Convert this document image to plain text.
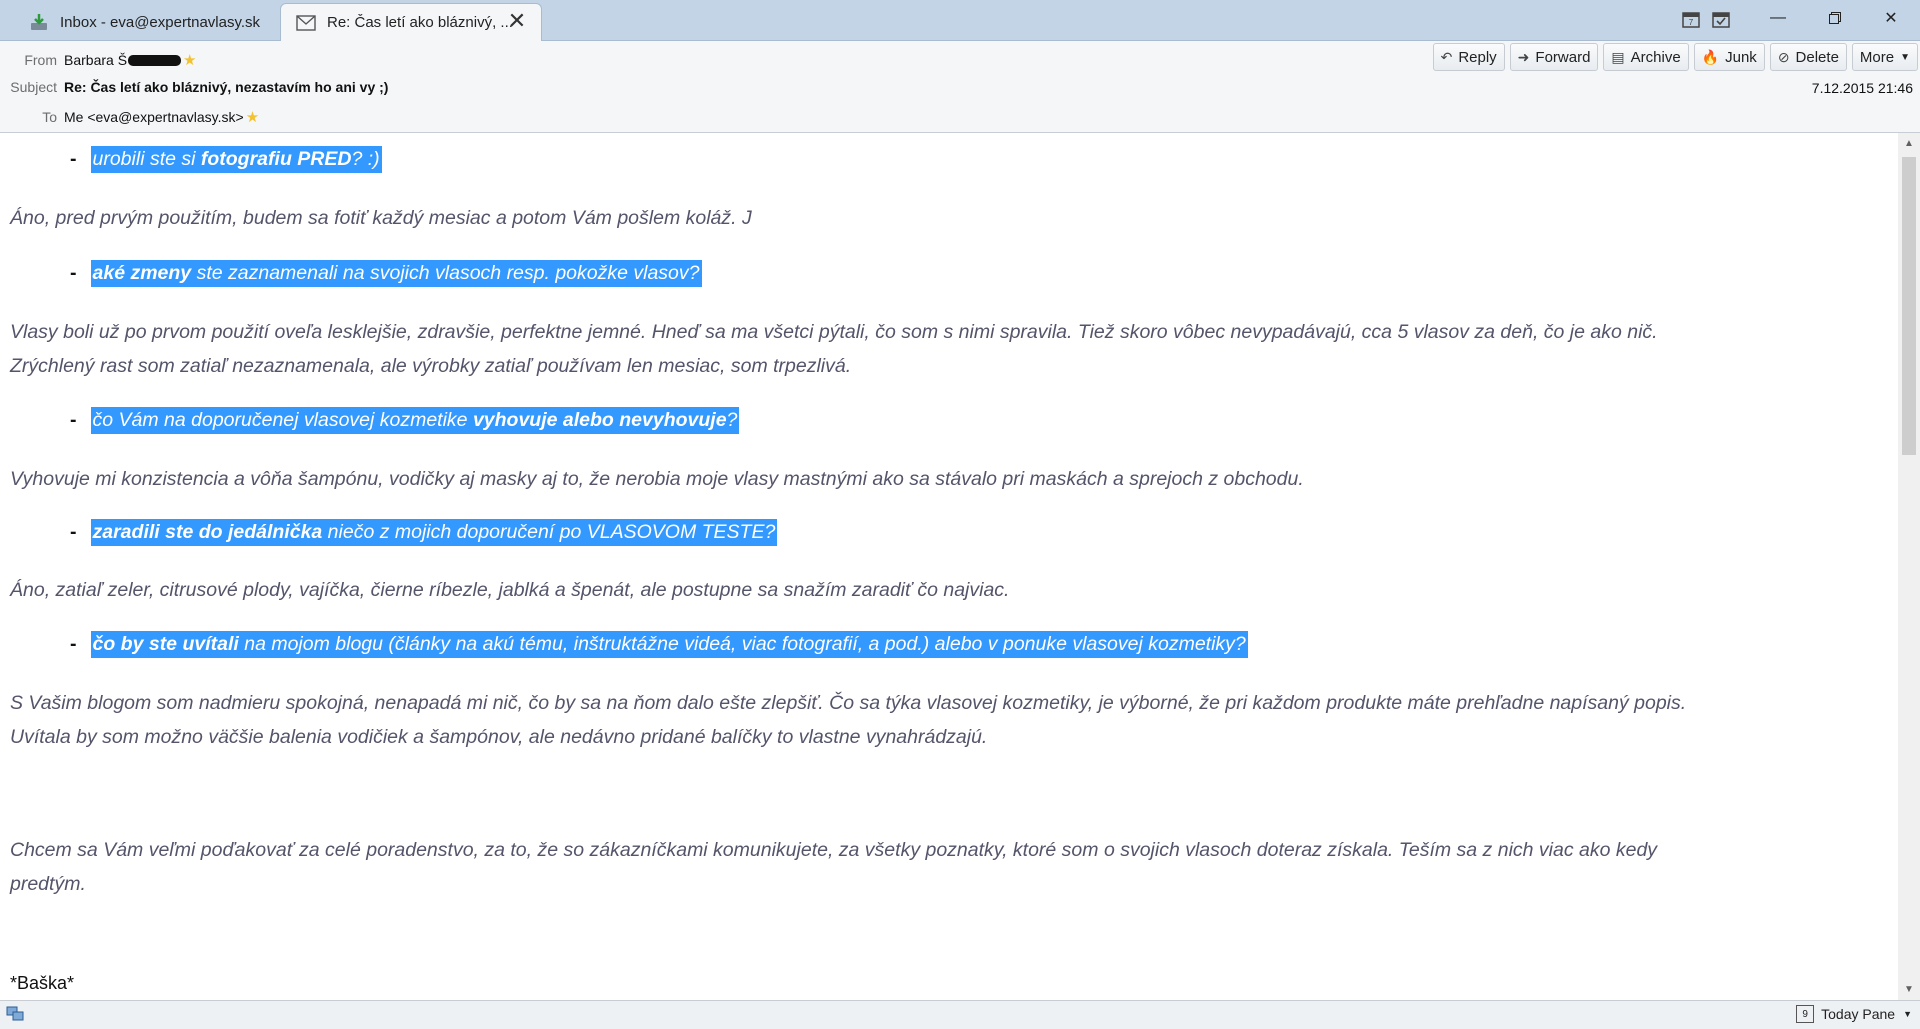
Inbox - eva@expertnavlasy.sk	Re: Čas letí ako bláznivý, ...
✕	7	—	✕
From Barbara Š	★
Subject Re: Čas letí ako bláznivý, nezastavím ho ani vy ;)
To Me <eva@expertnavlasy.sk> ★
↶ Reply ➜ Forward ▤ Archive 🔥 Junk ⊘ Delete More ▼
7.12.2015 21:46
- urobili ste si fotografiu PRED? :)
Áno, pred prvým použitím, budem sa fotiť každý mesiac a potom Vám pošlem koláž. J
- aké zmeny ste zaznamenali na svojich vlasoch resp. pokožke vlasov?
Vlasy boli už po prvom použití oveľa lesklejšie, zdravšie, perfektne jemné. Hneď sa ma všetci pýtali, čo som s nimi spravila. Tiež skoro vôbec nevypadávajú, cca 5 vlasov za deň, čo je ako nič.
Zrýchlený rast som zatiaľ nezaznamenala, ale výrobky zatiaľ používam len mesiac, som trpezlivá.
- čo Vám na doporučenej vlasovej kozmetike vyhovuje alebo nevyhovuje?
Vyhovuje mi konzistencia a vôňa šampónu, vodičky aj masky aj to, že nerobia moje vlasy mastnými ako sa stávalo pri maskách a sprejoch z obchodu.
- zaradili ste do jedálnička niečo z mojich doporučení po VLASOVOM TESTE?
Áno, zatiaľ zeler, citrusové plody, vajíčka, čierne ríbezle, jablká a špenát, ale postupne sa snažím zaradiť čo najviac.
- čo by ste uvítali na mojom blogu (články na akú tému, inštruktážne videá, viac fotografií, a pod.) alebo v ponuke vlasovej kozmetiky?
S Vašim blogom som nadmieru spokojná, nenapadá mi nič, čo by sa na ňom dalo ešte zlepšiť. Čo sa týka vlasovej kozmetiky, je výborné, že pri každom produkte máte prehľadne napísaný popis.
Uvítala by som možno väčšie balenia vodičiek a šampónov, ale nedávno pridané balíčky to vlastne vynahrádzajú.
Chcem sa Vám veľmi poďakovať za celé poradenstvo, za to, že so zákazníčkami komunikujete, za všetky poznatky, ktoré som o svojich vlasoch doteraz získala. Teším sa z nich viac ako kedy
predtým.
*Baška*
▲
▼
9 Today Pane ▼
